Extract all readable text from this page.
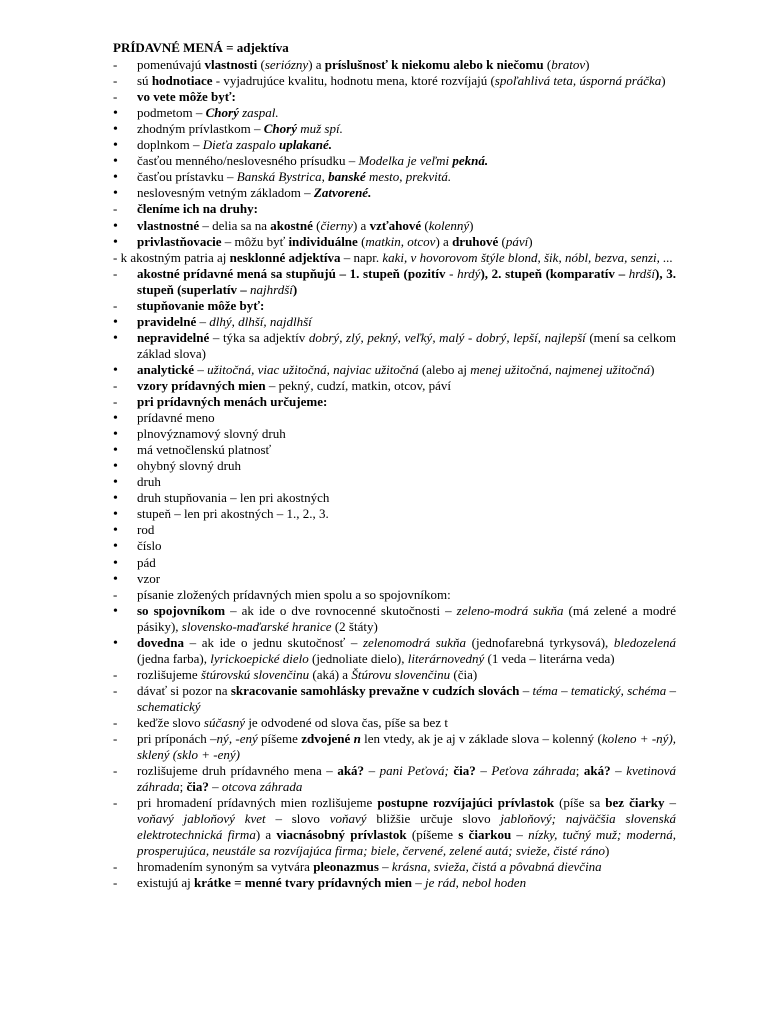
PRÍDAVNÉ MENÁ = adjektíva
-
pomenúvajú vlastnosti (seriózny) a príslušnosť k niekomu alebo k niečomu (bratov)
-
sú hodnotiace - vyjadrujúce kvalitu, hodnotu mena, ktoré rozvíjajú (spoľahlivá teta, úsporná práčka)
-
vo vete môže byť:
•
podmetom – Chorý zaspal.
•
zhodným prívlastkom – Chorý muž spí.
•
doplnkom – Dieťa zaspalo uplakané.
•
časťou menného/neslovesného prísudku – Modelka je veľmi pekná.
•
časťou prístavku – Banská Bystrica, banské mesto, prekvitá.
•
neslovesným vetným základom – Zatvorené.
-
členíme ich na druhy:
•
vlastnostné – delia sa na akostné (čierny) a vzťahové (kolenný)
•
privlastňovacie – môžu byť individuálne (matkin, otcov) a druhové (páví)
- k akostným patria aj nesklonné adjektíva – napr. kaki, v hovorovom štýle blond, šik, nóbl, bezva, senzi, ...
-
akostné prídavné mená sa stupňujú – 1. stupeň (pozitív - hrdý), 2. stupeň (komparatív – hrdší), 3. stupeň (superlatív – najhrdší)
-
stupňovanie môže byť:
•
pravidelné – dlhý, dlhší, najdlhší
•
nepravidelné – týka sa adjektív dobrý, zlý, pekný, veľký, malý - dobrý, lepší, najlepší (mení sa celkom základ slova)
•
analytické – užitočná, viac užitočná, najviac užitočná (alebo aj menej užitočná, najmenej užitočná)
-
vzory prídavných mien – pekný, cudzí, matkin, otcov, páví
-
pri prídavných menách určujeme:
•
prídavné meno
•
plnovýznamový slovný druh
•
má vetnočlenskú platnosť
•
ohybný slovný druh
•
druh
•
druh stupňovania – len pri akostných
•
stupeň – len pri akostných – 1., 2., 3.
•
rod
•
číslo
•
pád
•
vzor
-
písanie zložených prídavných mien spolu a so spojovníkom:
•
so spojovníkom – ak ide o dve rovnocenné skutočnosti – zeleno-modrá sukňa (má zelené a modré pásiky), slovensko-maďarské hranice (2 štáty)
•
dovedna – ak ide o jednu skutočnosť – zelenomodrá sukňa (jednofarebná tyrkysová), bledozelená (jedna farba), lyrickoepické dielo (jednoliate dielo), literárnovedný (1 veda – literárna veda)
-
rozlišujeme štúrovskú slovenčinu (aká) a Štúrovu slovenčinu (čia)
-
dávať si pozor na skracovanie samohlásky prevažne v cudzích slovách – téma – tematický, schéma – schematický
-
keďže slovo súčasný je odvodené od slova čas, píše sa bez t
-
pri príponách –ný, -ený píšeme zdvojené n len vtedy, ak je aj v základe slova – kolenný (koleno + -ný), sklený (sklo + -ený)
-
rozlišujeme druh prídavného mena – aká? – pani Peťová; čia? – Peťova záhrada; aká? – kvetinová záhrada; čia? – otcova záhrada
-
pri hromadení prídavných mien rozlišujeme postupne rozvíjajúci prívlastok (píše sa bez čiarky – voňavý jabloňový kvet – slovo voňavý bližšie určuje slovo jabloňový; najväčšia slovenská elektrotechnická firma) a viacnásobný prívlastok (píšeme s čiarkou – nízky, tučný muž; moderná, prosperujúca, neustále sa rozvíjajúca firma; biele, červené, zelené autá; svieže, čisté ráno)
-
hromadením synoným sa vytvára pleonazmus – krásna, svieža, čistá a pôvabná dievčina
-
existujú aj krátke = menné tvary prídavných mien – je rád, nebol hoden
